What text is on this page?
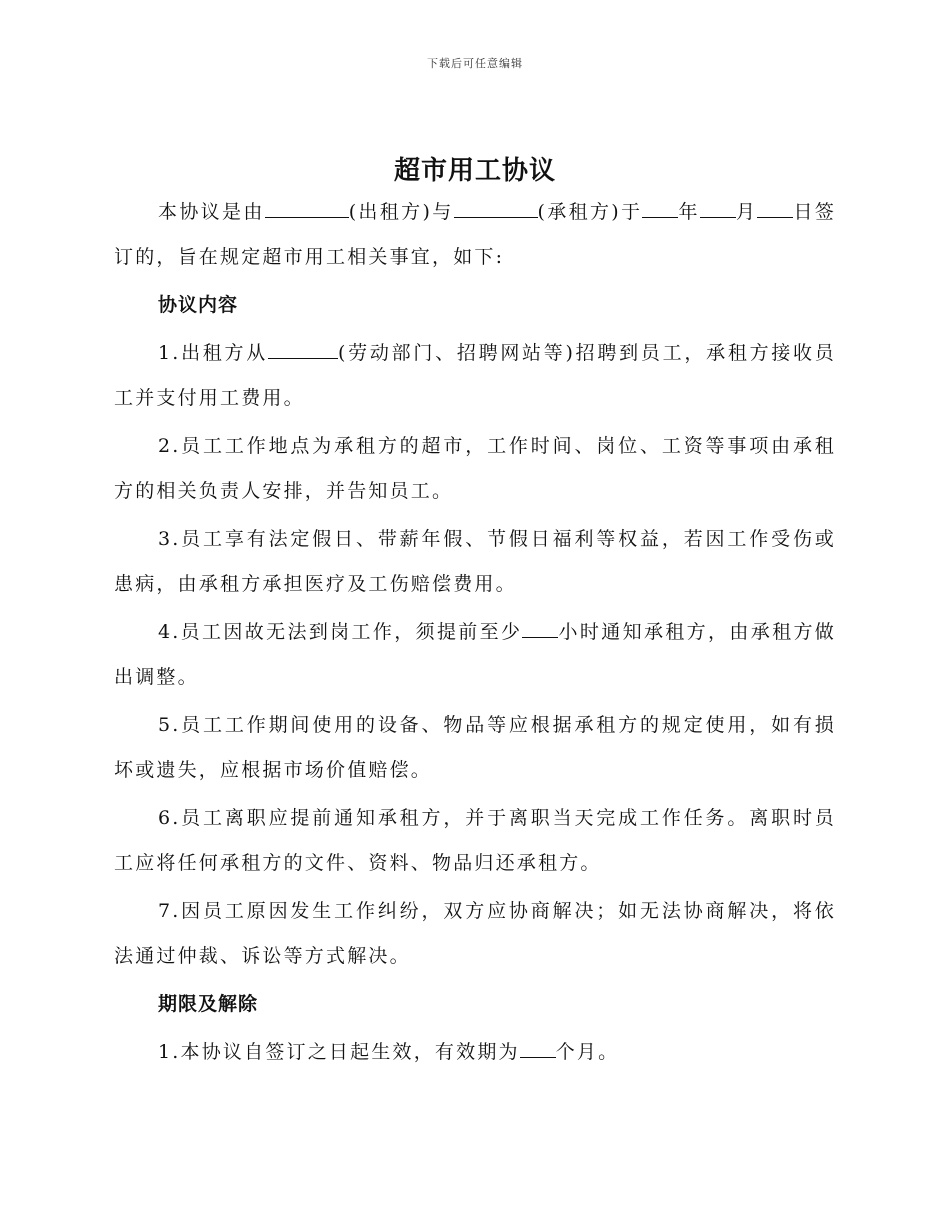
下载后可任意编辑
超市用工协议

本协议是由	(出租方)与	(承租方)于 年 月 日签订的，旨在规定超市用工相关事宜，如下:

协议内容

1.出租方从	(劳动部门、招聘网站等)招聘到员工，承租方接收员工并支付用工费用。

2.员工工作地点为承租方的超市，工作时间、岗位、工资等事项由承租方的相关负责人安排，并告知员工。

3.员工享有法定假日、带薪年假、节假日福利等权益，若因工作受伤或患病，由承租方承担医疗及工伤赔偿费用。

4.员工因故无法到岗工作，须提前至少 小时通知承租方，由承租方做出调整。

5.员工工作期间使用的设备、物品等应根据承租方的规定使用，如有损坏或遗失，应根据市场价值赔偿。

6.员工离职应提前通知承租方，并于离职当天完成工作任务。离职时员工应将任何承租方的文件、资料、物品归还承租方。

7.因员工原因发生工作纠纷，双方应协商解决；如无法协商解决，将依法通过仲裁、诉讼等方式解决。

期限及解除

1.本协议自签订之日起生效，有效期为 个月。
